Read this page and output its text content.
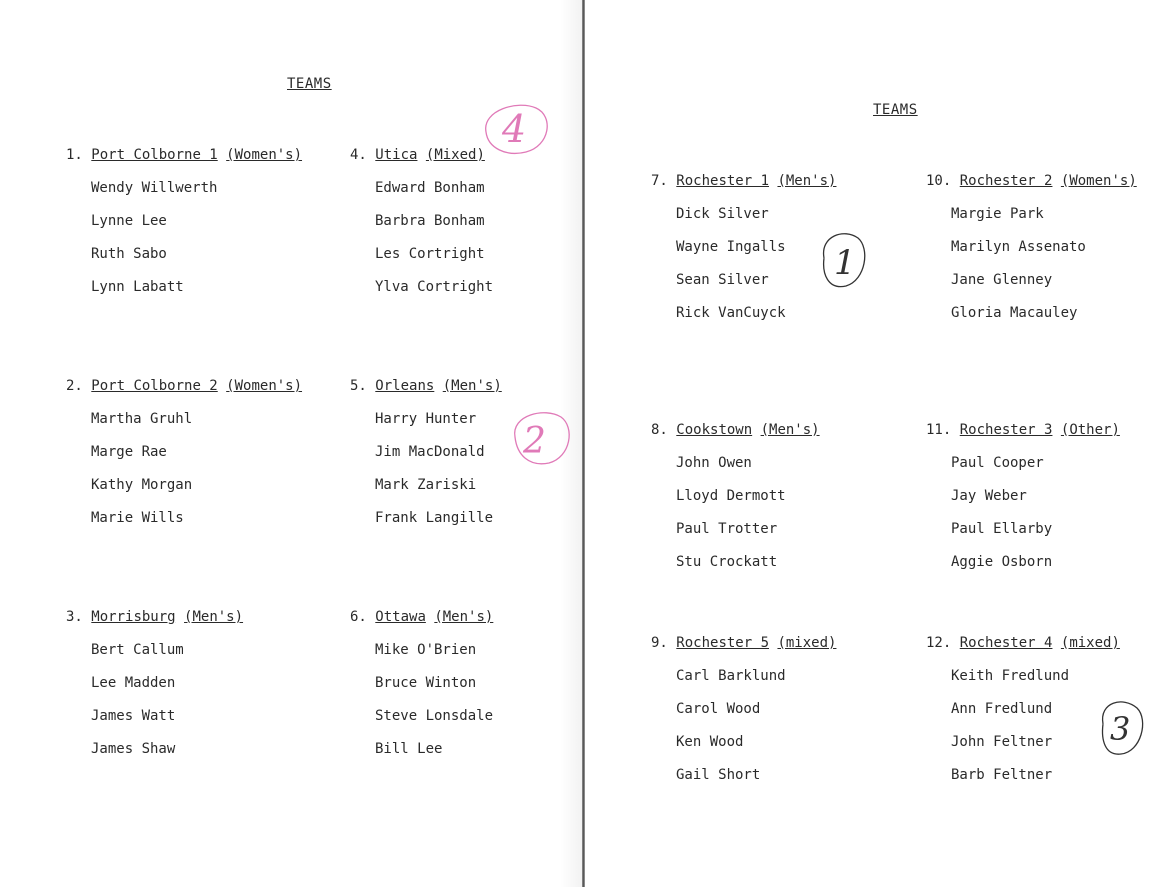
TEAMS
1. Port Colborne 1 (Women's)
Wendy Willwerth
Lynne Lee
Ruth Sabo
Lynn Labatt
4. Utica (Mixed)
Edward Bonham
Barbra Bonham
Les Cortright
Ylva Cortright
2. Port Colborne 2 (Women's)
Martha Gruhl
Marge Rae
Kathy Morgan
Marie Wills
5. Orleans (Men's)
Harry Hunter
Jim MacDonald
Mark Zariski
Frank Langille
3. Morrisburg (Men's)
Bert Callum
Lee Madden
James Watt
James Shaw
6. Ottawa (Men's)
Mike O'Brien
Bruce Winton
Steve Lonsdale
Bill Lee
4
2
TEAMS
7. Rochester 1 (Men's)
Dick Silver
Wayne Ingalls
Sean Silver
Rick VanCuyck
10. Rochester 2 (Women's)
Margie Park
Marilyn Assenato
Jane Glenney
Gloria Macauley
8. Cookstown (Men's)
John Owen
Lloyd Dermott
Paul Trotter
Stu Crockatt
11. Rochester 3 (Other)
Paul Cooper
Jay Weber
Paul Ellarby
Aggie Osborn
9. Rochester 5 (mixed)
Carl Barklund
Carol Wood
Ken Wood
Gail Short
12. Rochester 4 (mixed)
Keith Fredlund
Ann Fredlund
John Feltner
Barb Feltner
1
3
